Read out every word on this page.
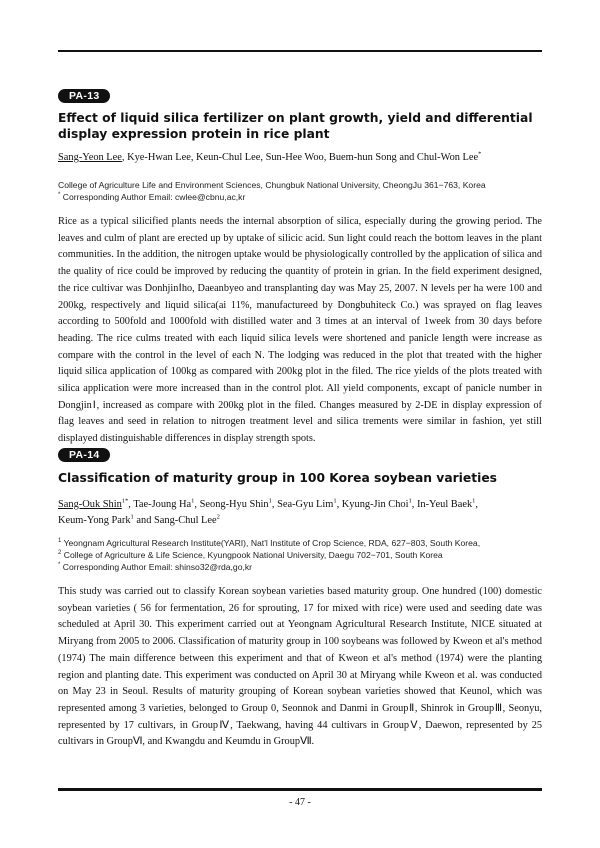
PA-13
Effect of liquid silica fertilizer on plant growth, yield and differential display expression protein in rice plant
Sang-Yeon Lee, Kye-Hwan Lee, Keun-Chul Lee, Sun-Hee Woo, Buem-hun Song and Chul-Won Lee*
College of Agriculture Life and Environment Sciences, Chungbuk National University, CheongJu 361−763, Korea
* Corresponding Author Email: cwlee@cbnu,ac,kr

Rice as a typical silicified plants needs the internal absorption of silica, especially during the growing period. The leaves and culm of plant are erected up by uptake of silicic acid. Sun light could reach the bottom leaves in the plant communities. In the addition, the nitrogen uptake would be physiologically controlled by the application of silica and the quality of rice could be improved by reducing the quantity of protein in grian. In the field experiment designed, the rice cultivar was DonhjinⅠho, Daeanbyeo and transplanting day was May 25, 2007. N levels per ha were 100 and 200kg, respectively and liquid silica(ai 11%, manufactureed by Dongbuhiteck Co.) was sprayed on flag leaves according to 500fold and 1000fold with distilled water and 3 times at an interval of 1week from 30 days before heading. The rice culms treated with each liquid silica levels were shortened and panicle length were increase as compare with the control in the level of each N. The lodging was reduced in the plot that treated with the higher liquid silica application of 100kg as compared with 200kg plot in the filed. The rice yields of the plots treated with silica application were more increased than in the control plot. All yield components, excapt of panicle number in DongjinⅠ, increased as compare with 200kg plot in the filed. Changes measured by 2-DE in display expression of flag leaves and seed in relation to nitrogen treatment level and silica trements were similar in fashion, yet still displayed distinguishable differences in display strength spots.

PA-14
Classification of maturity group in 100 Korea soybean varieties
Sang-Ouk Shin$^{1*}$, Tae-Joung Ha$^1$, Seong-Hyu Shin$^1$, Sea-Gyu Lim$^1$, Kyung-Jin Choi$^1$, In-Yeul Baek$^1$,
Keum-Yong Park$^1$ and Sang-Chul Lee$^2$
$^1$ Yeongnam Agricultural Research Institute(YARI), Nat'l Institute of Crop Science, RDA, 627−803, South Korea,
$^2$ College of Agriculture & Life Science, Kyungpook National University, Daegu 702−701, South Korea
* Corresponding Author Email: shinso32@rda,go,kr

This study was carried out to classify Korean soybean varieties based maturity group. One hundred (100) domestic soybean varieties ( 56 for fermentation, 26 for sprouting, 17 for mixed with rice) were used and seeding date was scheduled at April 30. This experiment carried out at Yeongnam Agricultural Research Institute, NICE situated at Miryang from 2005 to 2006. Classification of maturity group in 100 soybeans was followed by Kweon et al's method (1974) The main difference between this experiment and that of Kweon et al's method (1974) were the planting region and planting date. This experiment was conducted on April 30 at Miryang while Kweon et al. was conducted on May 23 in Seoul. Results of maturity grouping of Korean soybean varieties showed that Keunol, which was represented among 3 varieties, belonged to Group 0, Seonnok and Danmi in GroupⅡ, Shinrok in GroupⅢ, Seonyu, represented by 17 cultivars, in GroupⅣ, Taekwang, having 44 cultivars in GroupⅤ, Daewon, represented by 25 cultivars in GroupⅥ, and Kwangdu and Keumdu in GroupⅦ.

- 47 -
